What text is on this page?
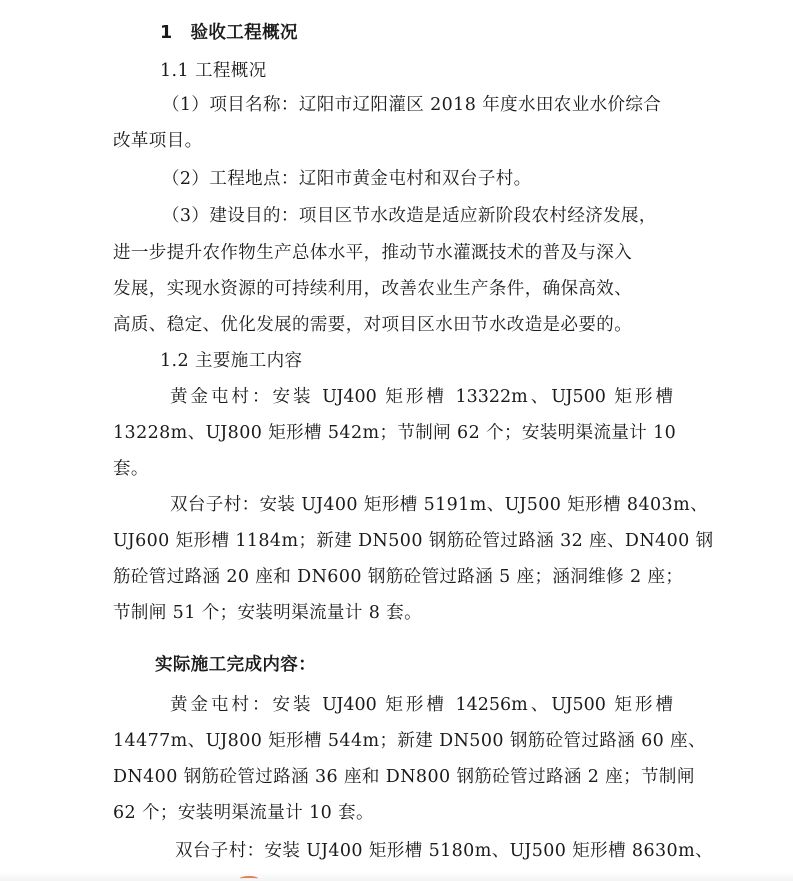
1　验收工程概况
1.1 工程概况
（1）项目名称：辽阳市辽阳灌区 2018 年度水田农业水价综合
改革项目。
（2）工程地点：辽阳市黄金屯村和双台子村。
（3）建设目的：项目区节水改造是适应新阶段农村经济发展，
进一步提升农作物生产总体水平，推动节水灌溉技术的普及与深入
发展，实现水资源的可持续利用，改善农业生产条件，确保高效、
高质、稳定、优化发展的需要，对项目区水田节水改造是必要的。
1.2 主要施工内容
黄金屯村：安装 UJ400 矩形槽 13322m、UJ500 矩形槽
13228m、UJ800 矩形槽 542m；节制闸 62 个；安装明渠流量计 10
套。
双台子村：安装 UJ400 矩形槽 5191m、UJ500 矩形槽 8403m、
UJ600 矩形槽 1184m；新建 DN500 钢筋砼管过路涵 32 座、DN400 钢
筋砼管过路涵 20 座和 DN600 钢筋砼管过路涵 5 座；涵洞维修 2 座；
节制闸 51 个；安装明渠流量计 8 套。
实际施工完成内容：
黄金屯村：安装 UJ400 矩形槽 14256m、UJ500 矩形槽
14477m、UJ800 矩形槽 544m；新建 DN500 钢筋砼管过路涵 60 座、
DN400 钢筋砼管过路涵 36 座和 DN800 钢筋砼管过路涵 2 座；节制闸
62 个；安装明渠流量计 10 套。
双台子村：安装 UJ400 矩形槽 5180m、UJ500 矩形槽 8630m、
